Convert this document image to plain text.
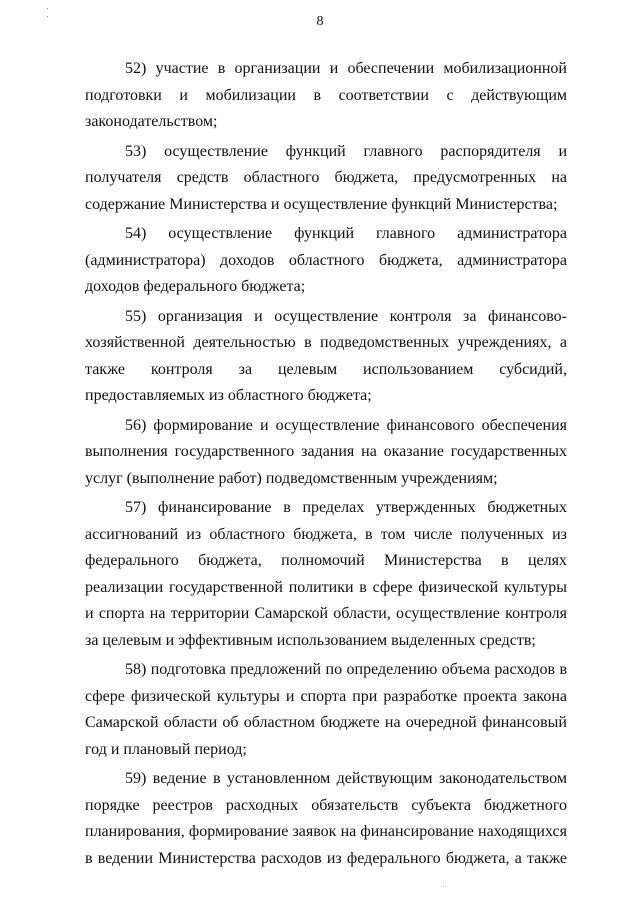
8

52) участие в организации и обеспечении мобилизационной подготовки и мобилизации в соответствии с действующим законодательством;

53) осуществление функций главного распорядителя и получателя средств областного бюджета, предусмотренных на содержание Министерства и осуществление функций Министерства;

54) осуществление функций главного администратора (администратора) доходов областного бюджета, администратора доходов федерального бюджета;

55) организация и осуществление контроля за финансово-хозяйственной деятельностью в подведомственных учреждениях, а также контроля за целевым использованием субсидий, предоставляемых из областного бюджета;

56) формирование и осуществление финансового обеспечения выполнения государственного задания на оказание государственных услуг (выполнение работ) подведомственным учреждениям;

57) финансирование в пределах утвержденных бюджетных ассигнований из областного бюджета, в том числе полученных из федерального бюджета, полномочий Министерства в целях реализации государственной политики в сфере физической культуры и спорта на территории Самарской области, осуществление контроля за целевым и эффективным использованием выделенных средств;

58) подготовка предложений по определению объема расходов в сфере физической культуры и спорта при разработке проекта закона Самарской области об областном бюджете на очередной финансовый год и плановый период;

59) ведение в установленном действующим законодательством порядке реестров расходных обязательств субъекта бюджетного планирования, формирование заявок на финансирование находящихся в ведении Министерства расходов из федерального бюджета, а также
